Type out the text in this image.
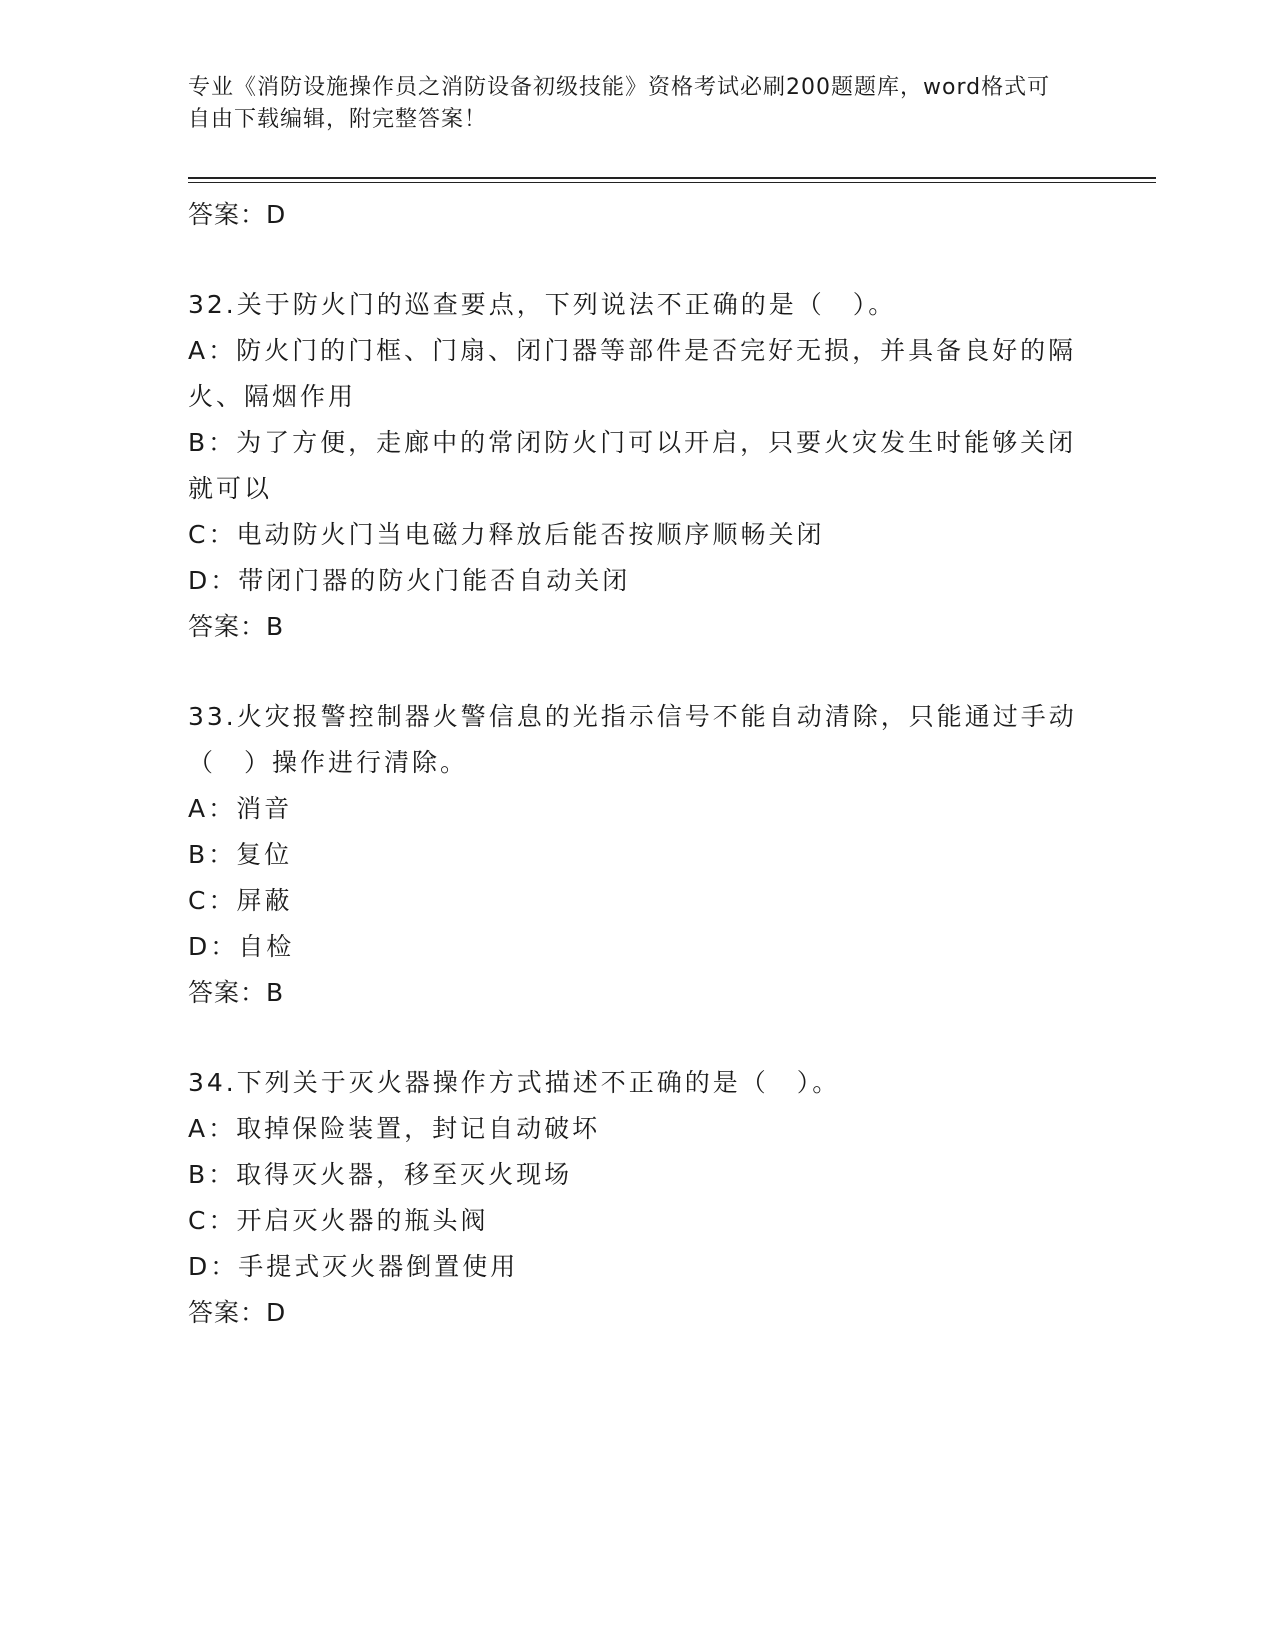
专业《消防设施操作员之消防设备初级技能》资格考试必刷200题题库，word格式可自由下载编辑，附完整答案！

答案：D

32.关于防火门的巡查要点，下列说法不正确的是（　）。

A：防火门的门框、门扇、闭门器等部件是否完好无损，并具备良好的隔火、隔烟作用
B：为了方便，走廊中的常闭防火门可以开启，只要火灾发生时能够关闭就可以
C：电动防火门当电磁力释放后能否按顺序顺畅关闭
D：带闭门器的防火门能否自动关闭

答案：B

33.火灾报警控制器火警信息的光指示信号不能自动清除，只能通过手动（　）操作进行清除。

A：消音
B：复位
C：屏蔽
D：自检

答案：B

34.下列关于灭火器操作方式描述不正确的是（　）。

A：取掉保险装置，封记自动破坏
B：取得灭火器，移至灭火现场
C：开启灭火器的瓶头阀
D：手提式灭火器倒置使用

答案：D
